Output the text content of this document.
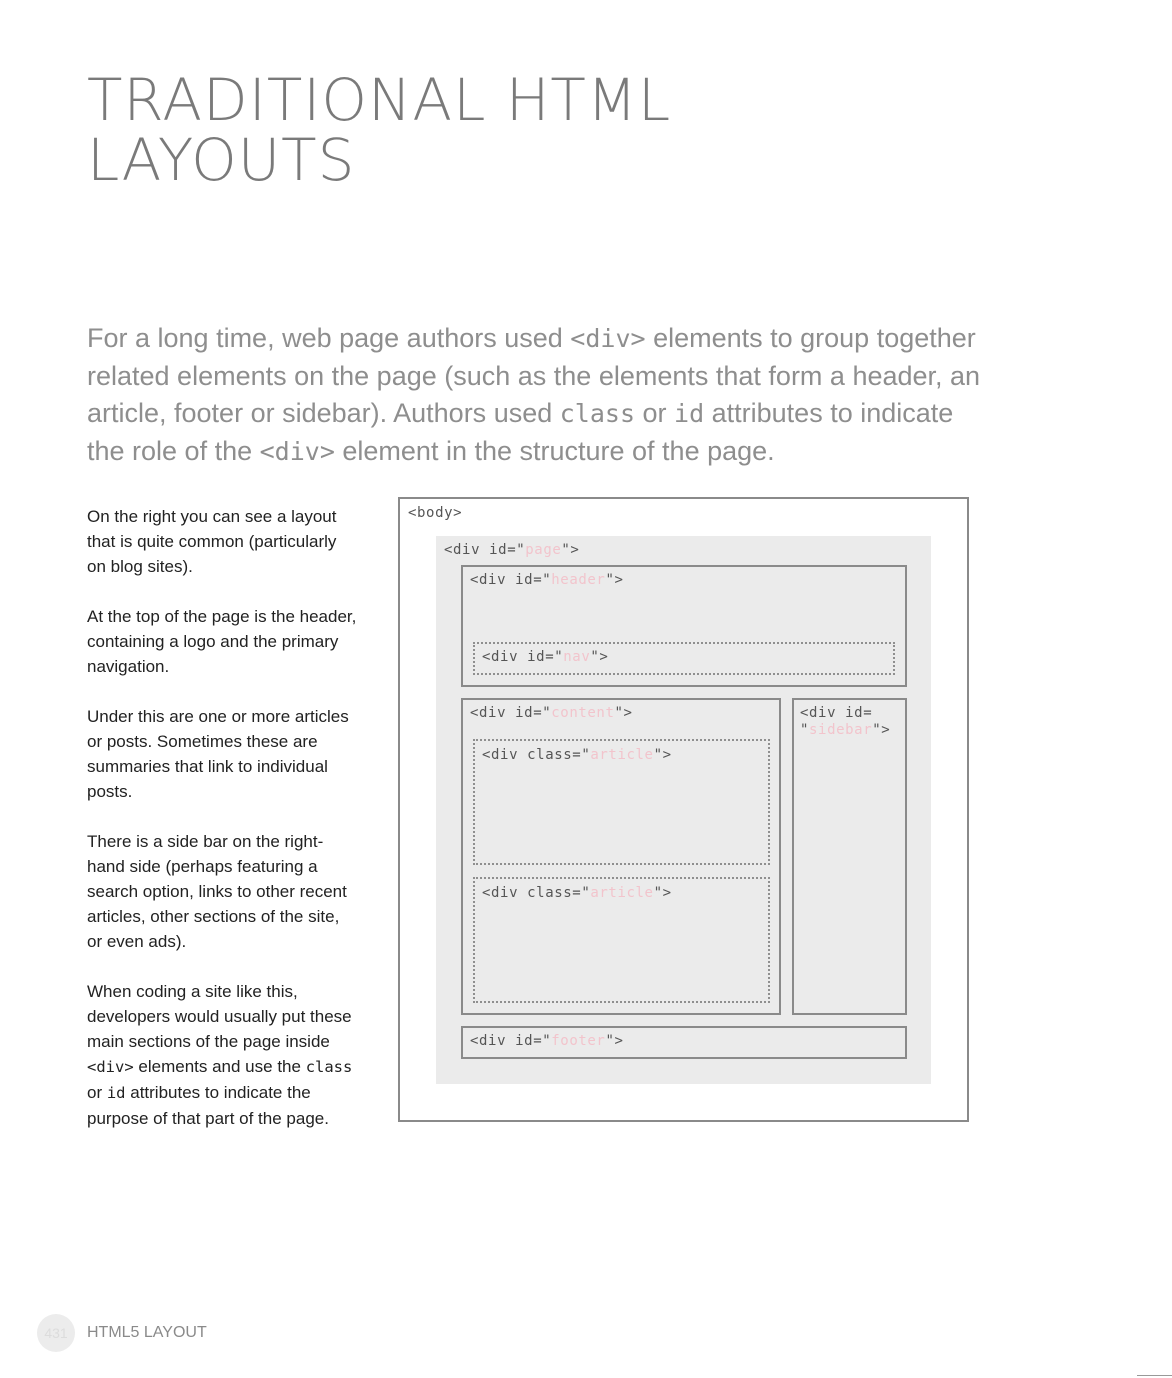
TRADITIONAL HTML
LAYOUTS

For a long time, web page authors used <div> elements to group together related elements on the page (such as the elements that form a header, an article, footer or sidebar). Authors used class or id attributes to indicate the role of the <div> element in the structure of the page.

On the right you can see a layout that is quite common (particularly on blog sites).

At the top of the page is the header, containing a logo and the primary navigation.

Under this are one or more articles or posts. Sometimes these are summaries that link to individual posts.

There is a side bar on the right-hand side (perhaps featuring a search option, links to other recent articles, other sections of the site, or even ads).

When coding a site like this, developers would usually put these main sections of the page inside <div> elements and use the class or id attributes to indicate the purpose of that part of the page.

<body>
<div id="page">
<div id="header">
<div id="nav">
<div id="content">
<div class="article">
<div class="article">
<div id=
"sidebar">
<div id="footer">
431	HTML5 LAYOUT
